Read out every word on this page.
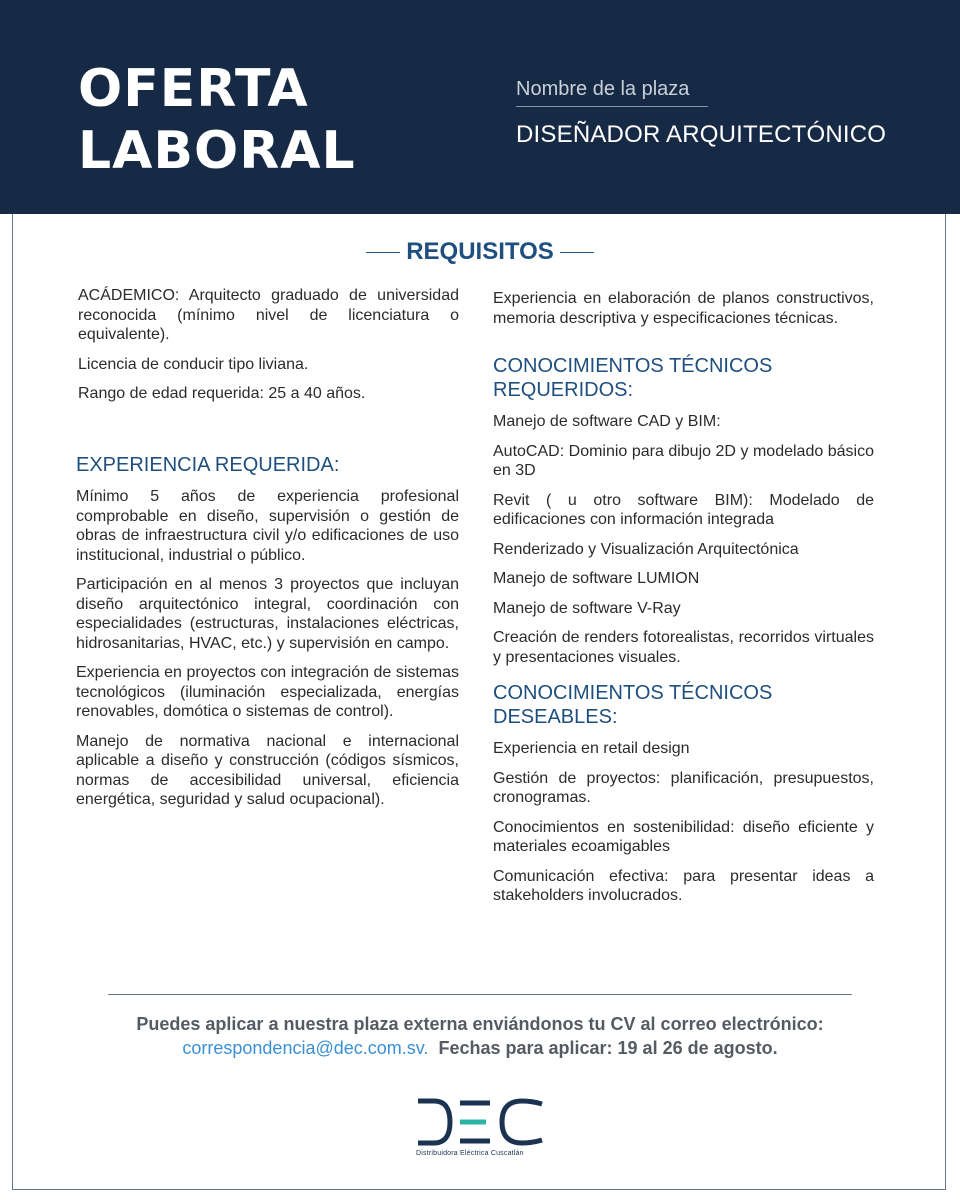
OFERTA
LABORAL
Nombre de la plaza
DISEÑADOR ARQUITECTÓNICO
REQUISITOS

ACÁDEMICO: Arquitecto graduado de universidad reconocida (mínimo nivel de licenciatura o equivalente).

Licencia de conducir tipo liviana.

Rango de edad requerida: 25 a 40 años.

EXPERIENCIA REQUERIDA:

Mínimo 5 años de experiencia profesional comprobable en diseño, supervisión o gestión de obras de infraestructura civil y/o edificaciones de uso institucional, industrial o público.

Participación en al menos 3 proyectos que incluyan diseño arquitectónico integral, coordinación con especialidades (estructuras, instalaciones eléctricas, hidrosanitarias, HVAC, etc.) y supervisión en campo.

Experiencia en proyectos con integración de sistemas tecnológicos (iluminación especializada, energías renovables, domótica o sistemas de control).

Manejo de normativa nacional e internacional aplicable a diseño y construcción (códigos sísmicos, normas de accesibilidad universal, eficiencia energética, seguridad y salud ocupacional).

Experiencia en elaboración de planos constructivos, memoria descriptiva y especificaciones técnicas.

CONOCIMIENTOS TÉCNICOS REQUERIDOS:

Manejo de software CAD y BIM:

AutoCAD: Dominio para dibujo 2D y modelado básico en 3D

Revit ( u otro software BIM): Modelado de edificaciones con información integrada

Renderizado y Visualización Arquitectónica

Manejo de software LUMION

Manejo de software V-Ray

Creación de renders fotorealistas, recorridos virtuales y presentaciones visuales.

CONOCIMIENTOS TÉCNICOS DESEABLES:

Experiencia en retail design

Gestión de proyectos: planificación, presupuestos, cronogramas.

Conocimientos en sostenibilidad: diseño eficiente y materiales ecoamigables

Comunicación efectiva: para presentar ideas a stakeholders involucrados.

Puedes aplicar a nuestra plaza externa enviándonos tu CV al correo electrónico:
correspondencia@dec.com.sv. Fechas para aplicar: 19 al 26 de agosto.
Distribuidora Eléctrica Cuscatlán
